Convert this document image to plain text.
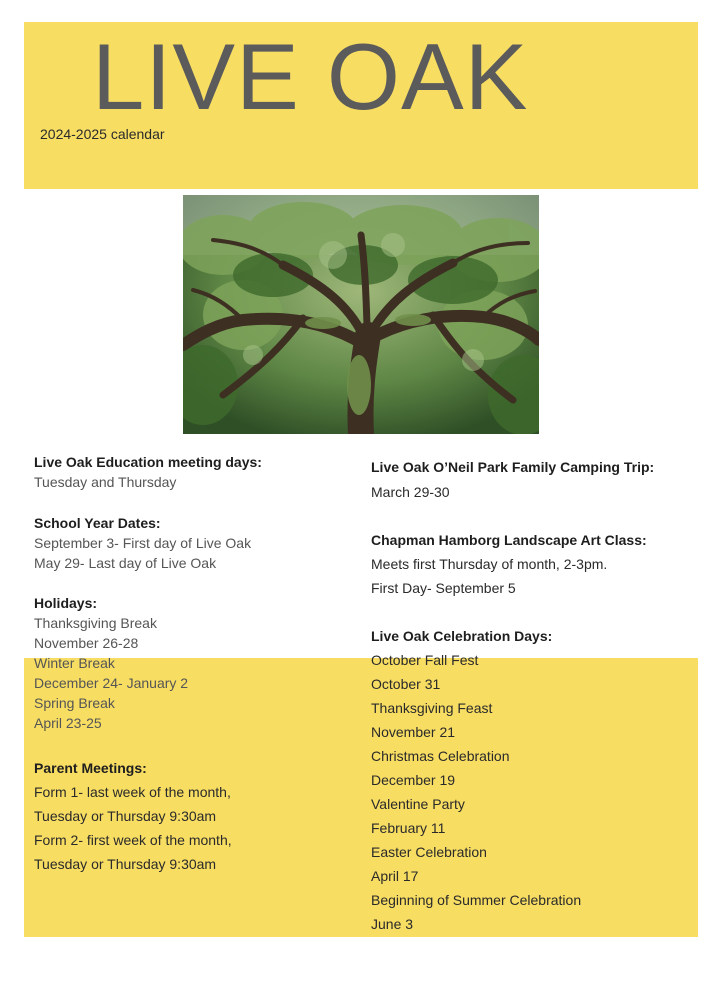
LIVE OAK
2024-2025 calendar
Live Oak Education meeting days:
Tuesday and Thursday
School Year Dates:
September 3- First day of Live Oak
May 29- Last day of Live Oak
Holidays:
Thanksgiving Break
November 26-28
Winter Break
December 24- January 2
Spring Break
April 23-25
Parent Meetings:
Form 1- last week of the month,
Tuesday or Thursday 9:30am
Form 2- first week of the month,
Tuesday or Thursday 9:30am
Live Oak O’Neil Park Family Camping Trip:
March 29-30
Chapman Hamborg Landscape Art Class:
Meets first Thursday of month, 2-3pm.
First Day- September 5
Live Oak Celebration Days:
October Fall Fest
October 31
Thanksgiving Feast
November 21
Christmas Celebration
December 19
Valentine Party
February 11
Easter Celebration
April 17
Beginning of Summer Celebration
June 3
